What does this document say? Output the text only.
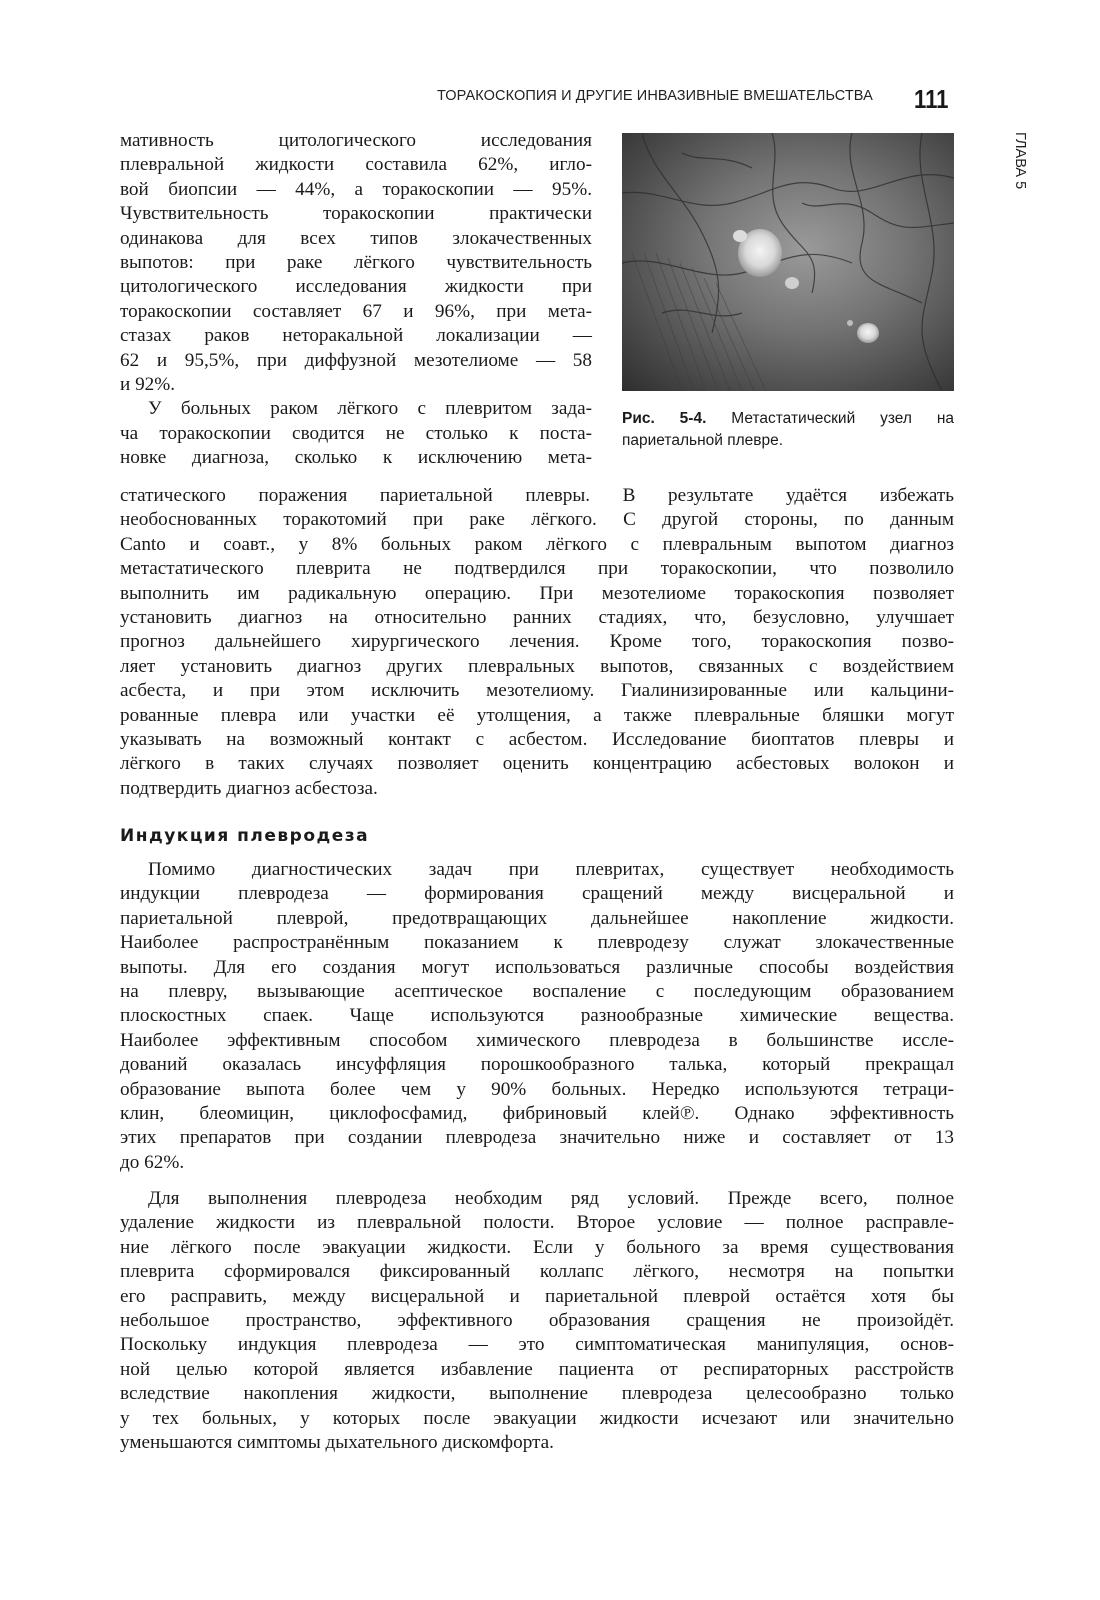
ТОРАКОСКОПИЯ И ДРУГИЕ ИНВАЗИВНЫЕ ВМЕШАТЕЛЬСТВА	111
ГЛАВА 5
Рис. 5-4. Метастатический узел на париетальной плевре.
мативность цитологического исследования
плевральной жидкости составила 62%, игло-
вой биопсии — 44%, а торакоскопии — 95%.
Чувствительность торакоскопии практически
одинакова для всех типов злокачественных
выпотов: при раке лёгкого чувствительность
цитологического исследования жидкости при
торакоскопии составляет 67 и 96%, при мета-
стазах раков неторакальной локализации —
62 и 95,5%, при диффузной мезотелиоме — 58
и 92%.
У больных раком лёгкого с плевритом зада-
ча торакоскопии сводится не столько к поста-
новке диагноза, сколько к исключению мета-
статического поражения париетальной плевры. В результате удаётся избежать
необоснованных торакотомий при раке лёгкого. С другой стороны, по данным
Canto и соавт., у 8% больных раком лёгкого с плевральным выпотом диагноз
метастатического плеврита не подтвердился при торакоскопии, что позволило
выполнить им радикальную операцию. При мезотелиоме торакоскопия позволяет
установить диагноз на относительно ранних стадиях, что, безусловно, улучшает
прогноз дальнейшего хирургического лечения. Кроме того, торакоскопия позво-
ляет установить диагноз других плевральных выпотов, связанных с воздействием
асбеста, и при этом исключить мезотелиому. Гиалинизированные или кальцини-
рованные плевра или участки её утолщения, а также плевральные бляшки могут
указывать на возможный контакт с асбестом. Исследование биоптатов плевры и
лёгкого в таких случаях позволяет оценить концентрацию асбестовых волокон и
подтвердить диагноз асбестоза.
Индукция плевродеза
Помимо диагностических задач при плевритах, существует необходимость
индукции плевродеза — формирования сращений между висцеральной и
париетальной плеврой, предотвращающих дальнейшее накопление жидкости.
Наиболее распространённым показанием к плевродезу служат злокачественные
выпоты. Для его создания могут использоваться различные способы воздействия
на плевру, вызывающие асептическое воспаление с последующим образованием
плоскостных спаек. Чаще используются разнообразные химические вещества.
Наиболее эффективным способом химического плевродеза в большинстве иссле-
дований оказалась инсуффляция порошкообразного талька, который прекращал
образование выпота более чем у 90% больных. Нередко используются тетраци-
клин, блеомицин, циклофосфамид, фибриновый клей℗. Однако эффективность
этих препаратов при создании плевродеза значительно ниже и составляет от 13
до 62%.
Для выполнения плевродеза необходим ряд условий. Прежде всего, полное
удаление жидкости из плевральной полости. Второе условие — полное расправле-
ние лёгкого после эвакуации жидкости. Если у больного за время существования
плеврита сформировался фиксированный коллапс лёгкого, несмотря на попытки
его расправить, между висцеральной и париетальной плеврой остаётся хотя бы
небольшое пространство, эффективного образования сращения не произойдёт.
Поскольку индукция плевродеза — это симптоматическая манипуляция, основ-
ной целью которой является избавление пациента от респираторных расстройств
вследствие накопления жидкости, выполнение плевродеза целесообразно только
у тех больных, у которых после эвакуации жидкости исчезают или значительно
уменьшаются симптомы дыхательного дискомфорта.
